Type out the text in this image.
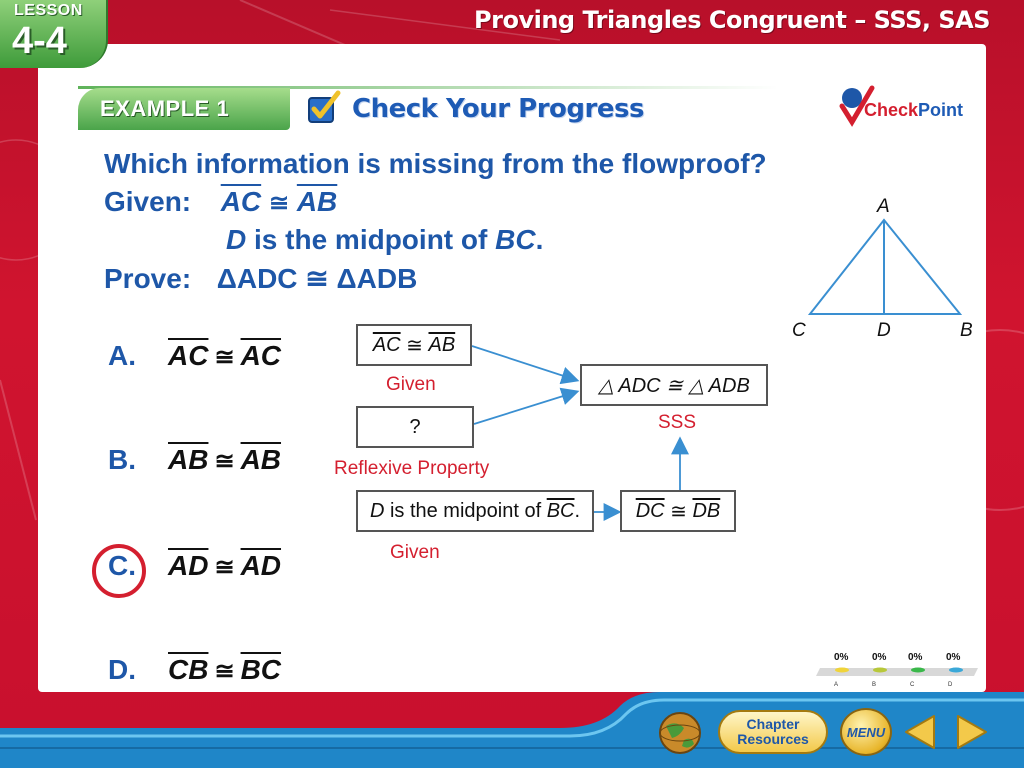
LESSON
4-4	Proving Triangles Congruent – SSS, SAS
EXAMPLE 1	Check Your Progress	CheckPoint
Which information is missing from the flowproof?
Given: $\overline{AC}$ ≅ $\overline{AB}$
D is the midpoint of BC.
Prove: ΔADC ≅ ΔADB
A
C	D	B
A. $\overline{AC}$ ≅ $\overline{AC}$
B. $\overline{AB}$ ≅ $\overline{AB}$
C. $\overline{AD}$ ≅ $\overline{AD}$
D. $\overline{CB}$ ≅ $\overline{BC}$
$\overline{AC}$
≅
$\overline{AB}$
Given
?
Reflexive Property
D is the midpoint of $\overline{BC}$ .
Given
$\overline{DC}$
≅
$\overline{DB}$
△ ADC ≅ △ ADB
SSS
A	B	C	D
0% 0% 0% 0%
Chapter
Resources	MENU
